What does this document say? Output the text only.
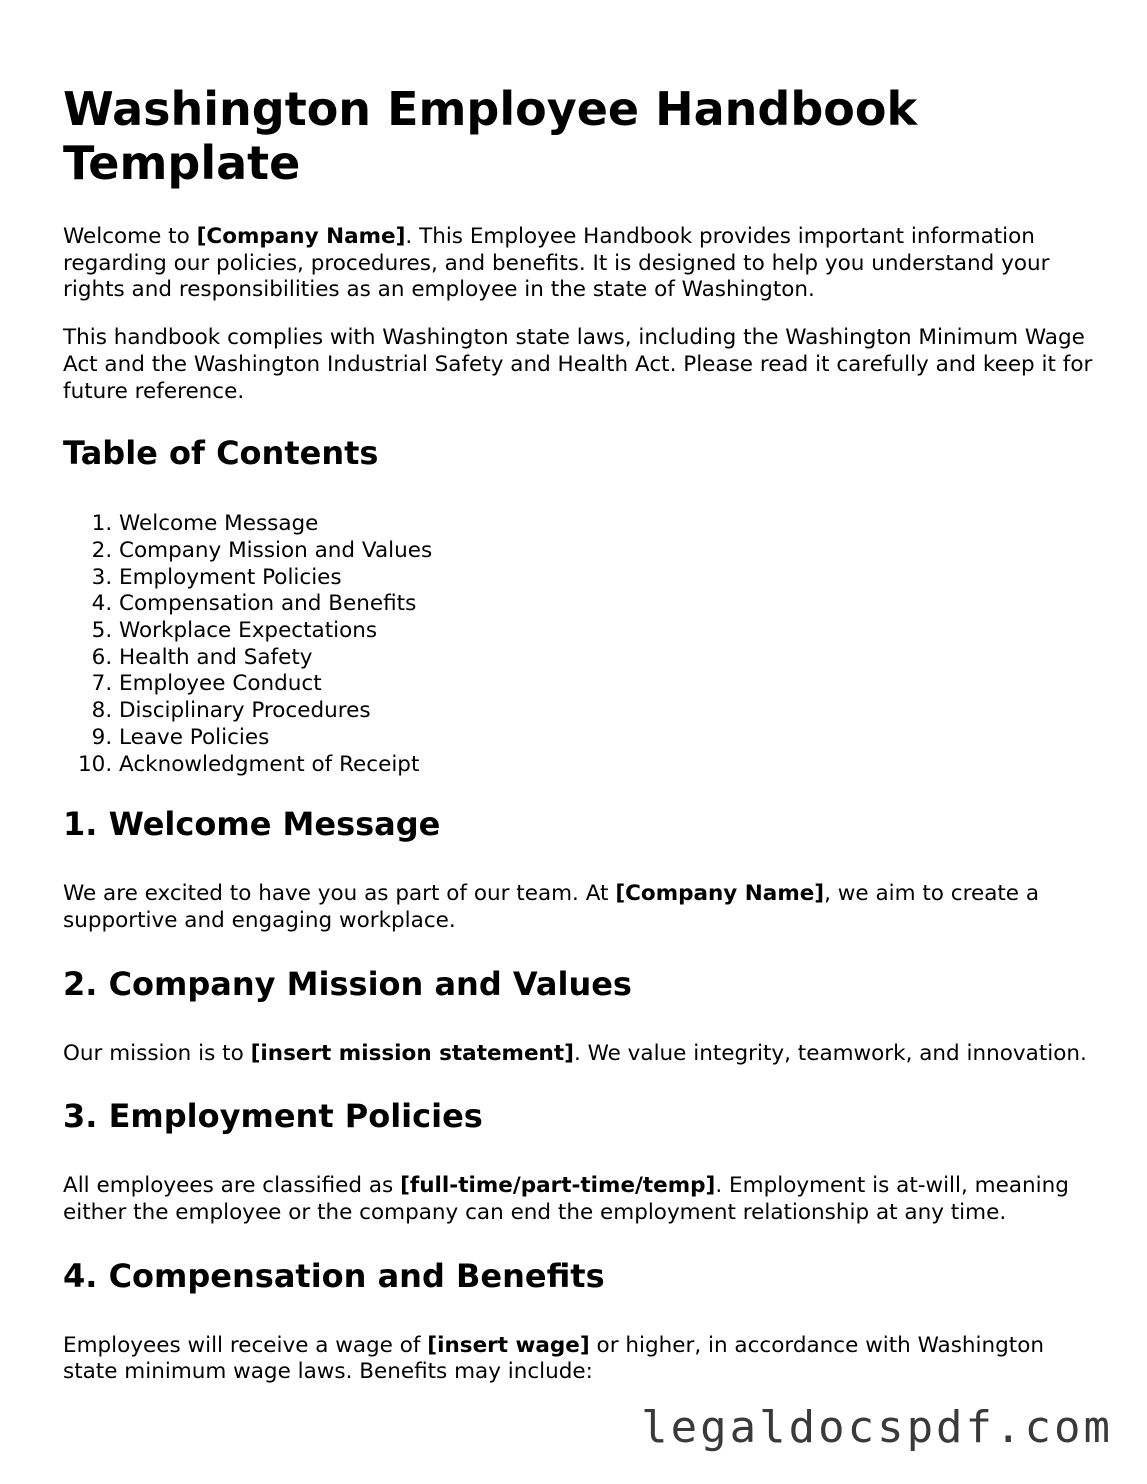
Washington Employee Handbook Template

Welcome to [Company Name]. This Employee Handbook provides important information regarding our policies, procedures, and benefits. It is designed to help you understand your rights and responsibilities as an employee in the state of Washington.

This handbook complies with Washington state laws, including the Washington Minimum Wage Act and the Washington Industrial Safety and Health Act. Please read it carefully and keep it for future reference.

Table of Contents
1. Welcome Message
2. Company Mission and Values
3. Employment Policies
4. Compensation and Benefits
5. Workplace Expectations
6. Health and Safety
7. Employee Conduct
8. Disciplinary Procedures
9. Leave Policies
10. Acknowledgment of Receipt
1. Welcome Message

We are excited to have you as part of our team. At [Company Name], we aim to create a supportive and engaging workplace.

2. Company Mission and Values

Our mission is to [insert mission statement]. We value integrity, teamwork, and innovation.

3. Employment Policies

All employees are classified as [full-time/part-time/temp]. Employment is at-will, meaning either the employee or the company can end the employment relationship at any time.

4. Compensation and Benefits

Employees will receive a wage of [insert wage] or higher, in accordance with Washington state minimum wage laws. Benefits may include:

legaldocspdf.com
